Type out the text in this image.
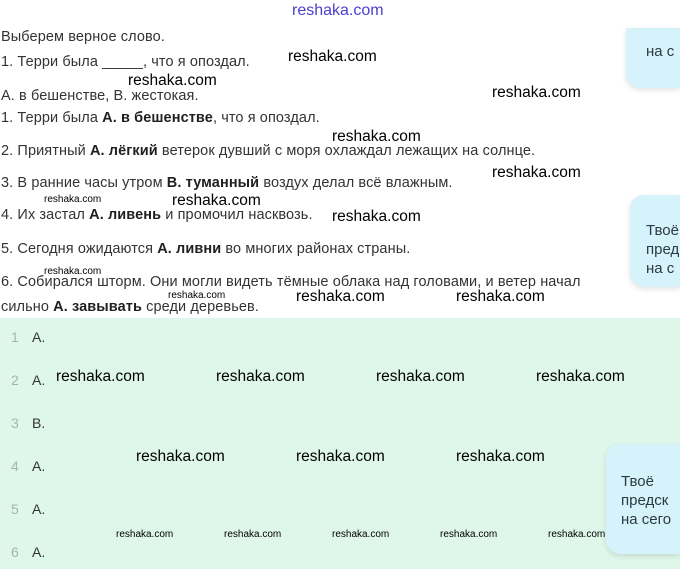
reshaka.com
Выберем верное слово.
1. Терри была _____, что я опоздал.
А. в бешенстве, В. жестокая.
1. Терри была А. в бешенстве, что я опоздал.
2. Приятный А. лёгкий ветерок дувший с моря охлаждал лежащих на солнце.
3. В ранние часы утром В. туманный воздух делал всё влажным.
4. Их застал А. ливень и промочил насквозь.
5. Сегодня ожидаются А. ливни во многих районах страны.
6. Собирался шторм. Они могли видеть тёмные облака над головами, и ветер начал
сильно А. завывать среди деревьев.
1 А.
2 А.
3 В.
4 А.
5 А.
6 А.
reshaka.com
reshaka.com
reshaka.com
reshaka.com
reshaka.com
reshaka.com	reshaka.com
reshaka.com
reshaka.com
reshaka.com	reshaka.com	reshaka.com
reshaka.com	reshaka.com	reshaka.com	reshaka.com
reshaka.com	reshaka.com	reshaka.com
reshaka.com	reshaka.com	reshaka.com	reshaka.com	reshaka.com
на с
Твоё
пред
на с
Твоё
предск
на сего
